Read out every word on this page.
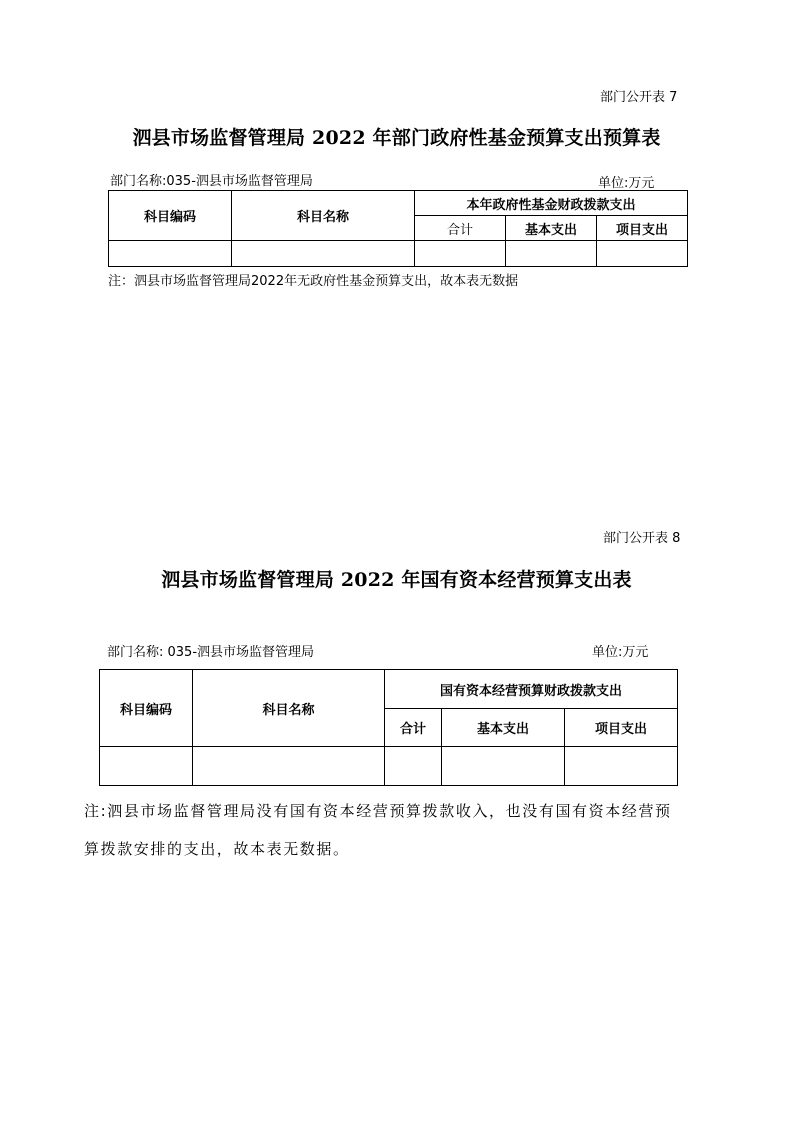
部门公开表 7
泗县市场监督管理局 2022 年部门政府性基金预算支出预算表
部门名称:035-泗县市场监督管理局	单位:万元
科目编码	科目名称	本年政府性基金财政拨款支出		
		合计	基本支出	项目支出

注：泗县市场监督管理局2022年无政府性基金预算支出，故本表无数据
部门公开表 8
泗县市场监督管理局 2022 年国有资本经营预算支出表
部门名称: 035-泗县市场监督管理局	单位:万元
科目编码	科目名称	国有资本经营预算财政拨款支出		
		合计	基本支出	项目支出

注:泗县市场监督管理局没有国有资本经营预算拨款收入，也没有国有资本经营预算拨款安排的支出，故本表无数据。
